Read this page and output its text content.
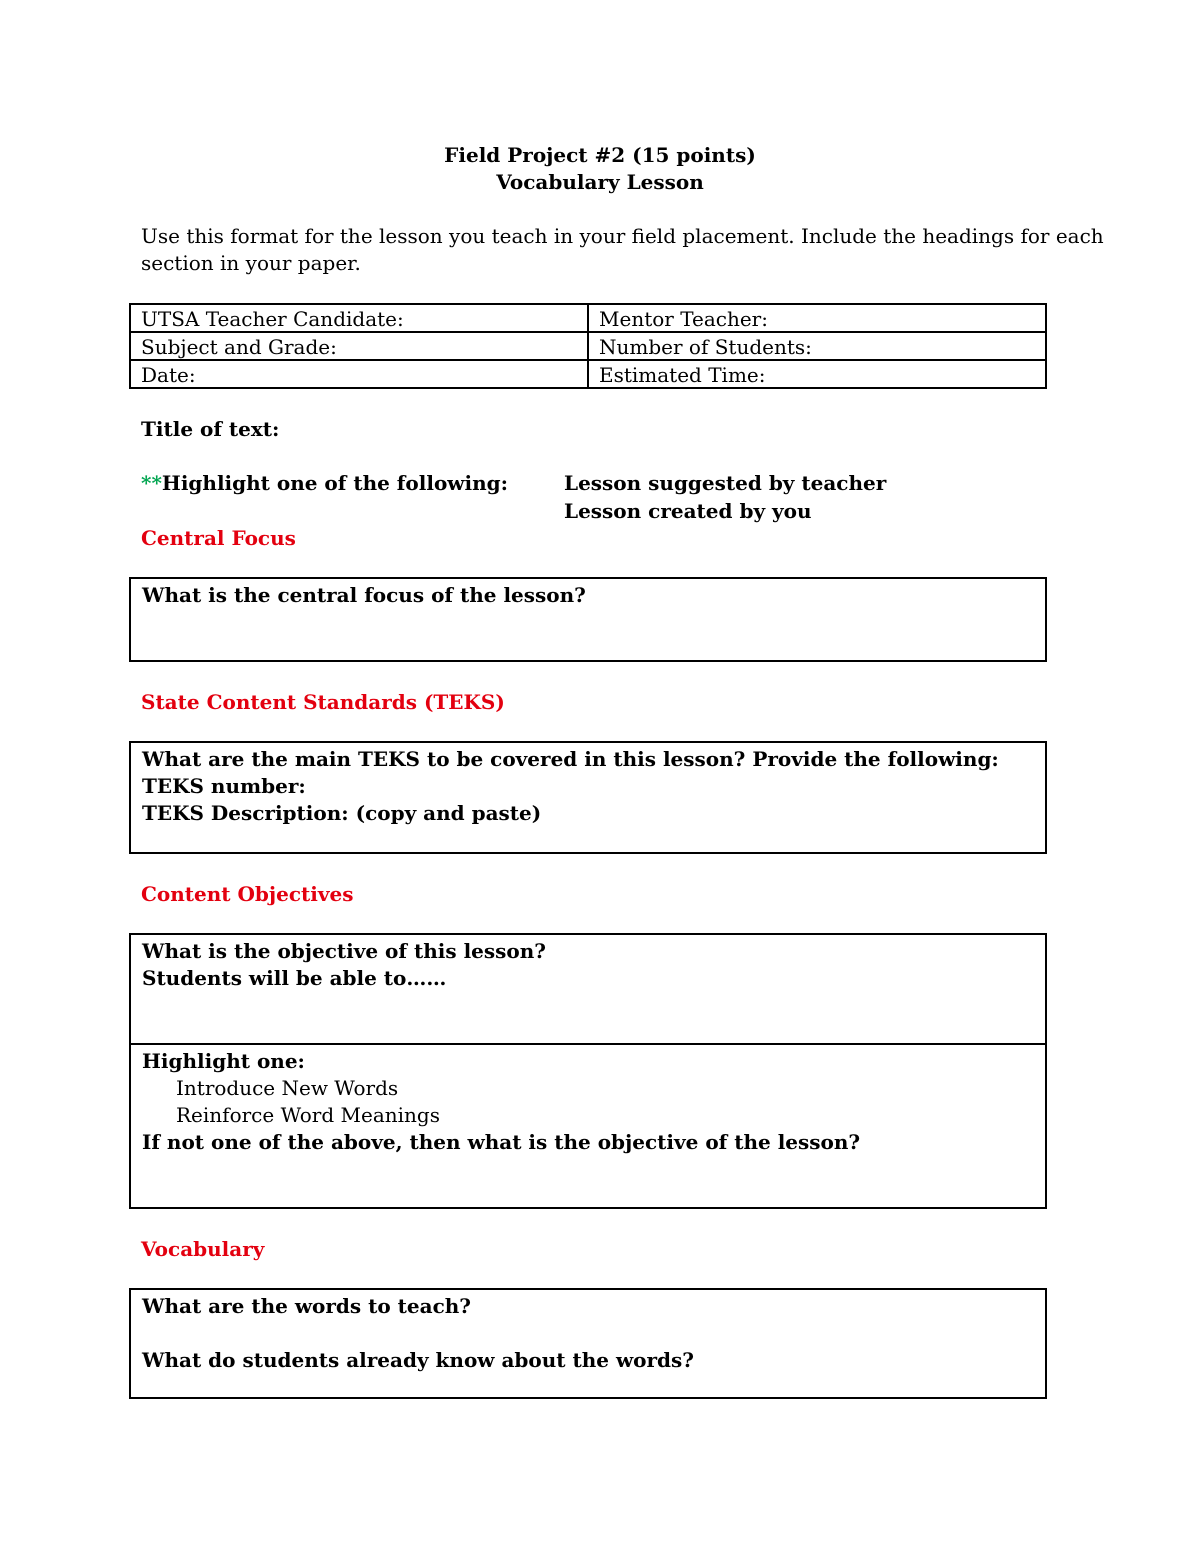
Field Project #2 (15 points)
Vocabulary Lesson
Use this format for the lesson you teach in your field placement. Include the headings for each
section in your paper.
UTSA Teacher Candidate:	Mentor Teacher:
Subject and Grade:	Number of Students:
Date:	Estimated Time:
Title of text:
**Highlight one of the following:	Lesson suggested by teacher
Lesson created by you
Central Focus
What is the central focus of the lesson?
State Content Standards (TEKS)
What are the main TEKS to be covered in this lesson? Provide the following:
TEKS number:
TEKS Description: (copy and paste)
Content Objectives
What is the objective of this lesson?
Students will be able to……
Highlight one:
Introduce New Words
Reinforce Word Meanings
If not one of the above, then what is the objective of the lesson?
Vocabulary
What are the words to teach?
What do students already know about the words?
